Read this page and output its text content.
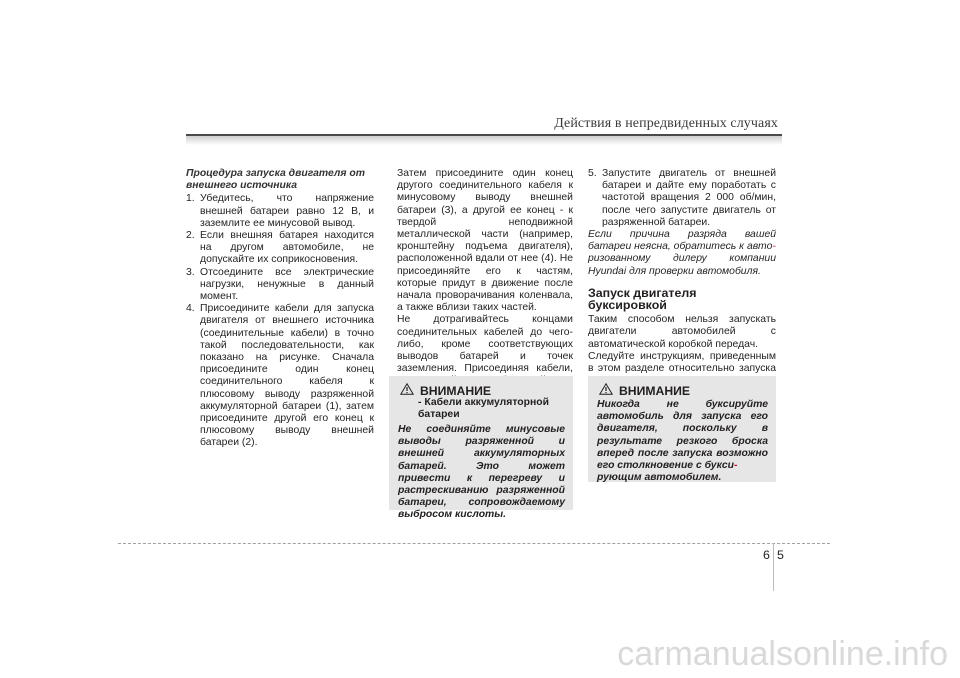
Действия в непредвиденных случаях

Процедура запуска двигателя от
внешнего источника

1. Убедитесь, что напряжение внешней батареи равно 12 В, и заземлите ее минусовой вывод.
2. Если внешняя батарея находится на другом автомобиле, не допускайте их соприкосновения.
3. Отсоедините все электрические нагрузки, ненужные в данный момент.
4. Присоедините кабели для запуска двигателя от внешнего источника (соединительные кабели) в точно такой последовательности, как показано на рисунке. Сначала присоедините один конец соединительного кабеля к плюсовому выводу разряженной аккумуляторной батареи (1), затем присоедините другой его конец к плюсовому выводу внешней батареи (2).

Затем присоедините один конец другого соединительного кабеля к минусовому выводу внешней батареи (3), а другой ее конец - к твердой неподвижной металлической части (например, кронштейну подъема двигателя), расположенной вдали от нее (4). Не присоединяйте его к частям, которые придут в движение после начала проворачивания коленвала, а также вблизи таких частей.

Не дотрагивайтесь концами соединительных кабелей до чего-либо, кроме соответствующих выводов батарей и точек заземления. Присоединяя кабели,

5. Запустите двигатель от внешней батареи и дайте ему поработать с частотой вращения 2 000 об/мин, после чего запустите двигатель от разряженной батареи.

Если причина разряда вашей батареи неясна, обратитесь к авто-
ризованному дилеру компании Hyundai для проверки автомобиля.

Запуск двигателя буксировкой

Таким способом нельзя запускать двигатели автомобилей с автоматической коробкой передач.

Следуйте инструкциям, приведенным в этом разделе относительно запуска

ВНИМАНИЕ
- Кабели аккумуляторной батареи
Не соединяйте минусовые выводы разряженной и внешней аккумуляторных батарей. Это может привести к перегреву и растрескиванию разряженной батареи, сопровождаемому выбросом кислоты.
ВНИМАНИЕ
Никогда не буксируйте автомобиль для запуска его двигателя, поскольку в результате резкого броска вперед после запуска возможно его столкновение с букси-
рующим автомобилем.
6 5
carmanualsonline.info
